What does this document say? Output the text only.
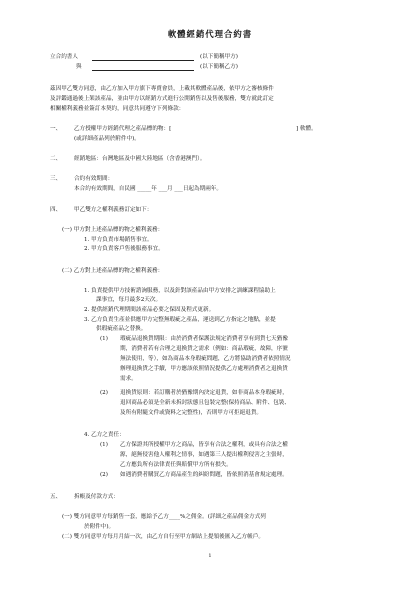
軟體經銷代理合約書
立合約書人	(以下簡稱甲方)
與	(以下簡稱乙方)
茲因甲乙雙方同意，由乙方加入甲方旗下專賣會員，上載其軟體產品後，依甲方之審核條件
及評鑑通過後上架該產品，並由甲方以經銷方式進行公開銷售以及售後服務，雙方就此訂定
相關權利義務並簽訂本契約，同意共同遵守下列條款：
一、 乙方授權甲方經銷代理之產品標的物：[	] 軟體。
(或詳細產品列於附件中)。
二、 經銷地區：台灣地區及中國大陸地區（含香港澳門）。
三、 合約有效期間：
本合約有效期間，自民國 _____年 ___月 ___日起為期兩年。
四、 甲乙雙方之權利義務訂定如下：
(一) 甲方對上述產品標的物之權利義務：
1. 甲方負責市場銷售事宜。
2. 甲方負責客戶售後服務事宜。
(二) 乙方對上述產品標的物之權利義務：
1. 負責提供甲方技術諮詢服務，以及針對該產品由甲方安排之訓練課程協助上
課事宜，每月最多2天次。
2. 提供經銷代理期間該產品必要之保固及程式更新。
3. 乙方負責生產並供應甲方完整無瑕疵之產品，運送到乙方指定之地點，並提
供瑕疵產品之替換。
(1) 瑕疵品退換貨期限：由於消費者保護法規定消費者享有到貨七天猶豫
期，消費者若有合理之退換貨之需求（例如：商品瑕疵，故障，序號
無法使用，等），如為商品本身瑕疵問題，乙方將協助消費者依照情況
辦理退換貨之手續，甲方應該依照情況提供乙方處理消費者之退換貨
需求。
(2) 退換貨原則：若訂購者於猶豫期內決定退貨，如非商品本身瑕疵時，
退回商品必須是全新未拆封狀態且包裝完整(保持商品、附件、包裝、
及所有附隨文件或資料之完整性)，否則甲方可拒絕退貨。
4. 乙方之責任：
(1) 乙方保證其所授權甲方之商品，皆享有合法之權利，或具有合法之權
源，絕無侵害他人權利之情事，如遇第三人提出權利侵害之主張時，
乙方應負所有法律責任與賠償甲方所有損失。
(2) 如遇消費者購買乙方商品產生的糾紛問題，皆依照消基會規定處理。
五、 拆帳及付款方式：
(一) 雙方同意甲方每銷售一套，應給予乙方____%之佣金。(詳細之產品佣金方式列
於附件中)。
(二) 雙方同意甲方每月月結一次，由乙方自行至甲方網站上提領後匯入乙方帳戶。
1
